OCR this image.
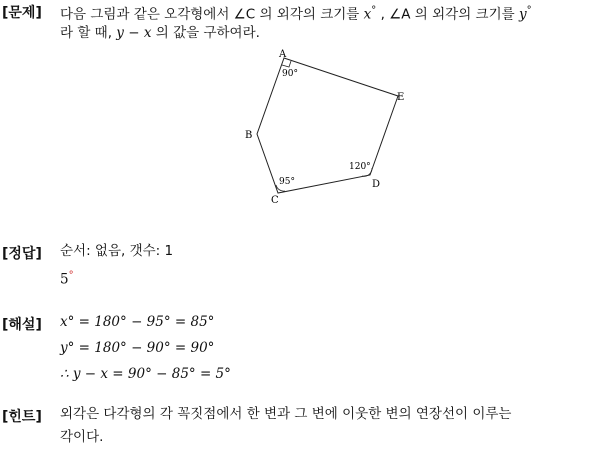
[문제] 다음 그림과 같은 오각형에서 ∠C 의 외각의 크기를 x° , ∠A 의 외각의 크기를 y°
라 할 때, y − x 의 값을 구하여라.
A
B
C
D
E
90°
95°
120°
[정답] 순서: 없음, 갯수: 1
5°
[해설] x° = 180° − 95° = 85°
y° = 180° − 90° = 90°
∴ y − x = 90° − 85° = 5°
[힌트] 외각은 다각형의 각 꼭짓점에서 한 변과 그 변에 이웃한 변의 연장선이 이루는
각이다.
